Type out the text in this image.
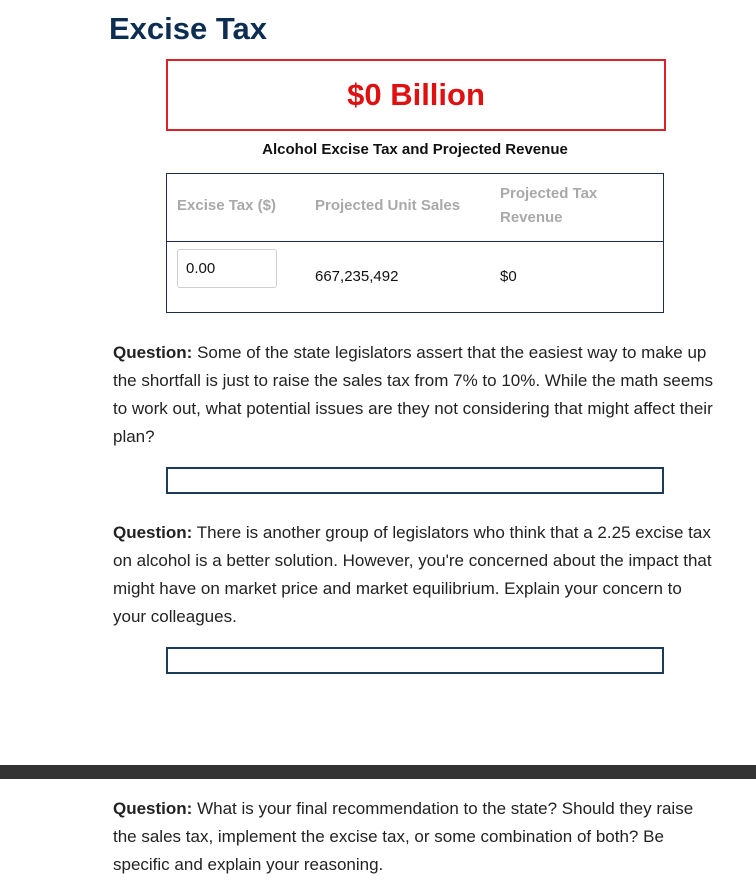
Excise Tax
$0 Billion
Alcohol Excise Tax and Projected Revenue
Excise Tax ($)	Projected Unit Sales
Projected Tax Revenue
0.00
667,235,492	$0

Question: Some of the state legislators assert that the easiest way to make up the shortfall is just to raise the sales tax from 7% to 10%. While the math seems to work out, what potential issues are they not considering that might affect their plan?

Question: There is another group of legislators who think that a 2.25 excise tax on alcohol is a better solution. However, you're concerned about the impact that might have on market price and market equilibrium. Explain your concern to your colleagues.

Question: What is your final recommendation to the state? Should they raise the sales tax, implement the excise tax, or some combination of both? Be specific and explain your reasoning.
